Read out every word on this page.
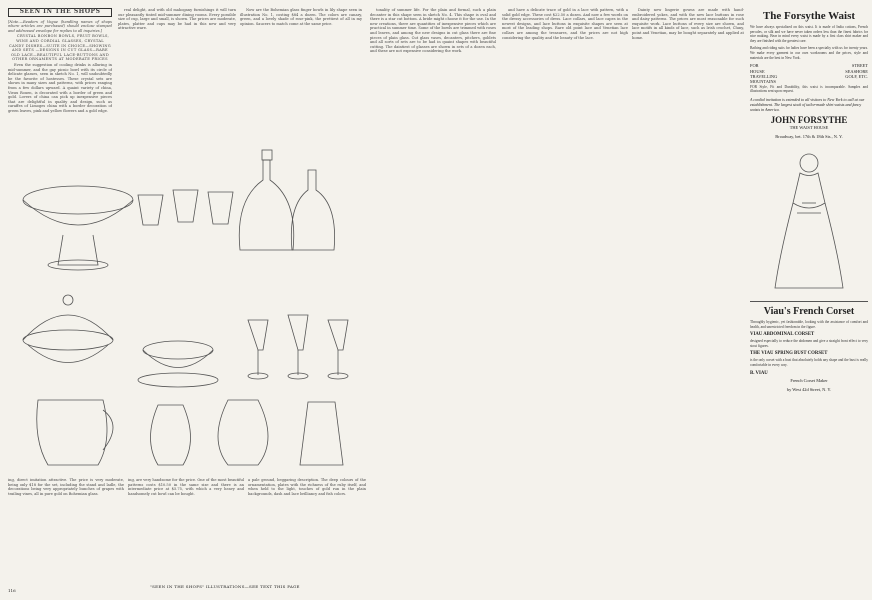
SEEN IN THE SHOPS

[Note.—Readers of Vogue (handling names of shops where articles are purchased) should enclose stamped and addressed envelope for replies to all inquiries.]

CRYSTAL BONBON BOWLS, FRUIT BOWLS, WINE AND CORDIAL GLASSES, CRYSTAL CANDY DISHES—SUITE IN CHOICE—SHOWING AND SETS —DESIGNS IN CUT GLASS—RARE OLD LACE—BEAUTIFUL LACE-BUTTONS AND OTHER ORNAMENTS AT MODERATE PRICES

Even the suggestion of cooling drinks is alluring in mid-summer, and the gay picnic bowl with its circle of delicate glasses, seen in sketch No. 1, will undoubtedly be the favorite of hostesses. These crystal sets are shown in many sizes and patterns, with prices ranging from a few dollars upward. A quaint variety of china, Vieux Rouen, is decorated with a border of green and gold. Lovers of china can pick up inexpensive pieces that are delightful in quality and design, such as caraffes of Limoges china with a border decoration of green leaves, pink and yellow flowers and a gold edge.

real delight, and with old mahogany furnishings it will turn our pleasantly tinted mid-summer dining rooms. Every possible size of cup, large and small, is shown. The prices are moderate, plates, platter and cups may be had in this new and very attractive ware.

Now are the Bohemian glass finger bowls in lily shape seen in illustration No. 1, costing $84 a dozen. The colors are canary, green, and a lovely shade of rose-pink, the prettiest of all in my opinion. Saucers to match come at the same price.

ing, direct imitation attractive. The price is very moderate, being only $18 for the set, including the stand and ladle, the decorations being very appropriately bunches of grapes with trailing vines, all in pure gold on Bohemian glass.

ing, are very handsome for the price. One of the most beautiful patterns costs $10.50 in the same size and there is an intermediate price at $5.75, with which a very heavy and handsomely cut bowl can be bought.

a pale ground, beggaring description. The deep colours of the ornamentation, plates with the richness of the ruby itself, and when held to the light, touches of gold run in the plain backgrounds, dash and lace brilliancy and fish colors.

"SEEN IN THE SHOPS" ILLUSTRATIONS—SEE TEXT THIS PAGE
116

tonality of summer life. For the plain and formal, such a plain decanter in this shape seen in sketch No. 4. This shape is oval and there is a star cut bottom. A bride might choose it for the use. In the new creations, there are quantities of inexpensive pieces which are practical in summer time. Some of the bowls are trimmed with roses and leaves, and among the new designs in cut glass there are fine pieces of plain glass. Cut glass vases, decanters, pitchers, goblets and all sorts of sets are to be had in quaint shapes with beautiful cutting. The daintiest of glasses are shown in sets of a dozen each, and these are not expensive considering the work.

and have a delicate trace of gold in a lace with pattern, with a solid gold edge. These cost $22.50 a dozen. And now a few words on the dressy accessories of dress. Lace collars, and lace capes in the newest designs, and lace buttons in exquisite shapes are seen at most of the leading shops. Rare old point lace and Venetian lace collars are among the treasures, and the prices are not high considering the quality and the beauty of the lace.

Dainty new lingerie gowns are made with hand-embroidered yokes, and with the new lace buttons in rose and daisy patterns. The prices are most reasonable for such exquisite work. Lace buttons of every size are shown, and lace motifs in all kinds of lace, such as Irish crochet, Cluny, point and Venetian, may be bought separately and applied at home.

The Forsythe Waist

We have always specialized on this waist. It is made of India cottons, French percales, or silk and we have never taken orders less than the finest fabrics for nice making. Bear in mind every waist is made by a first class shirt maker and they are finished with the greatest care.

Bathing and riding suits for ladies have been a specialty with us for twenty years. We make every garment in our own workrooms and the prices, style and materials are the best in New York.

FOR

HOUSE

TRAVELLING

MOUNTAINS

STREET

SEASHORE

GOLF, ETC.

FOR Style, Fit and Durability, this waist is incomparable. Samples and illustrations sent upon request.

A cordial invitation is extended to all visitors to New York to call at our establishment. The largest stock of tailor-made shirt waists and fancy waists in America.

JOHN FORSYTHE
THE WAIST HOUSE
Broadway, bet. 17th & 18th Sts., N. Y.
Viau's French Corset

Throughly hygienic, yet fashionable, looking with the assistance of comfort and health, and unrestricted freedom in the figure.

VIAU ABDOMINAL CORSET

designed especially to reduce the abdomen and give a straight front effect to very stout figures.

THE VIAU SPRING BUST CORSET

is the only corset with a bust that absolutely holds any shape and the bust is really comfortable in every way.

B. VIAU
French Corset Maker
by West 42d Street, N. Y.
